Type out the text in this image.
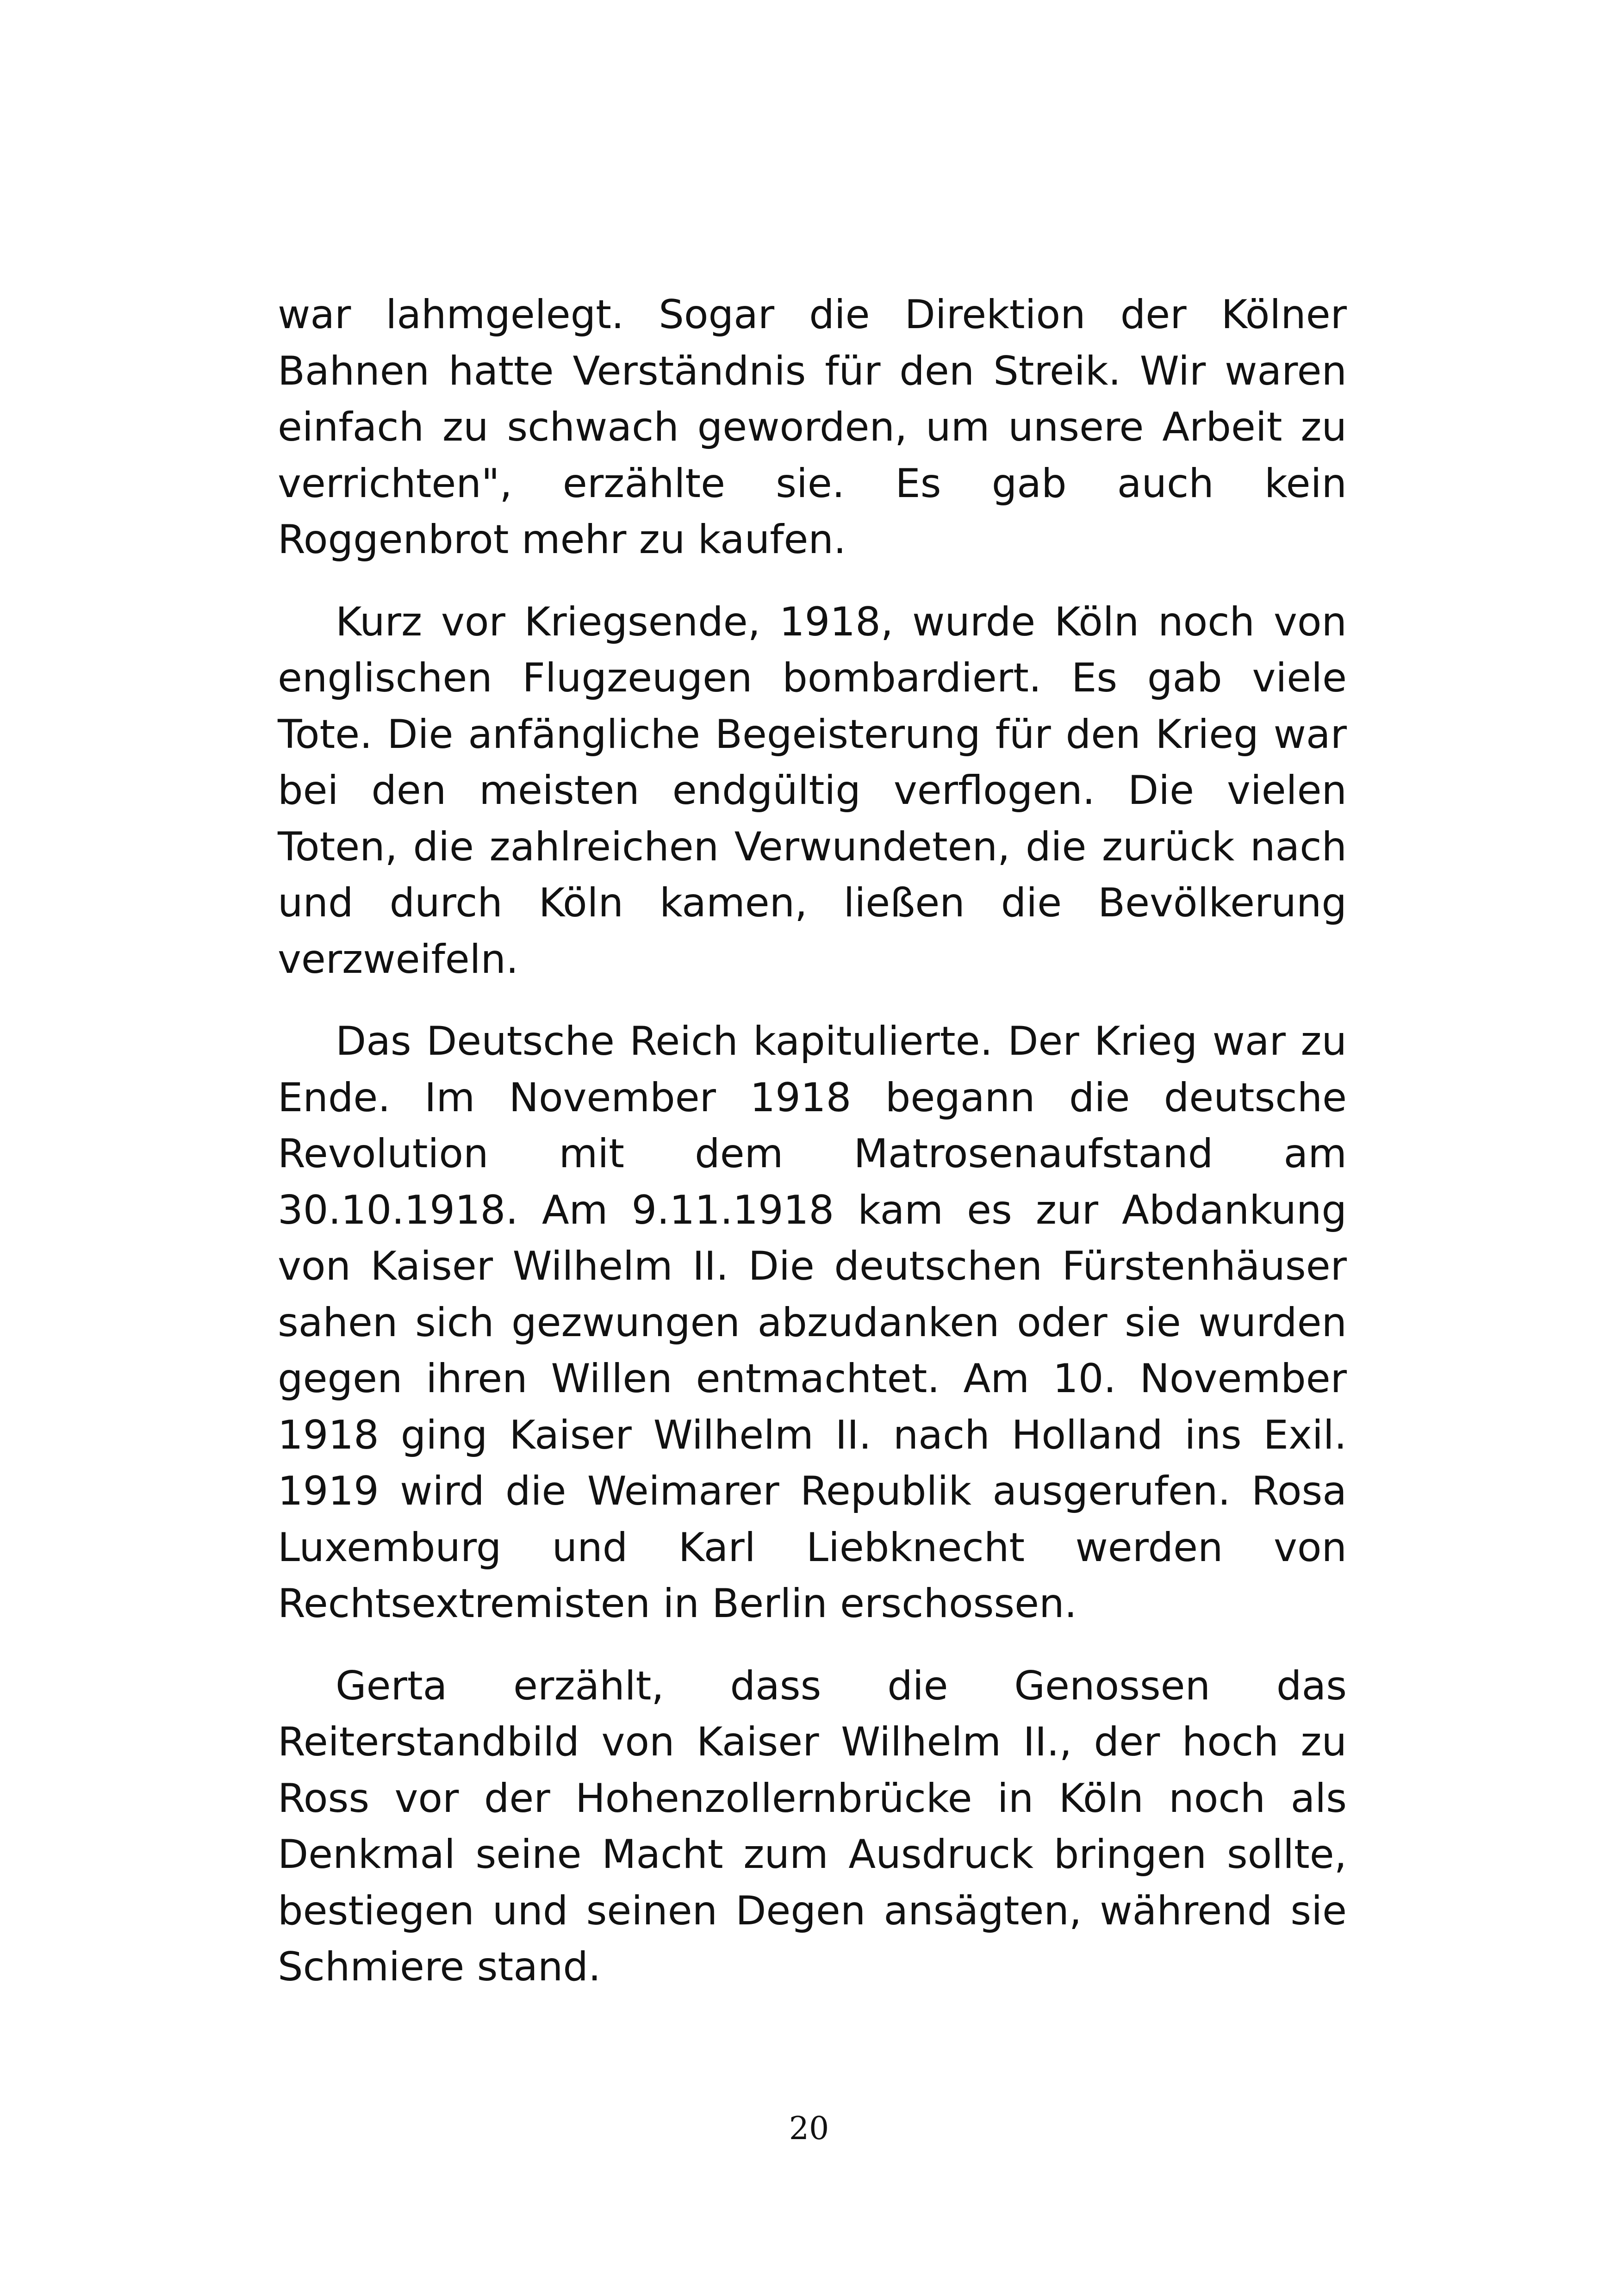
war lahmgelegt. Sogar die Direktion der Kölner Bahnen hatte Verständnis für den Streik. Wir waren einfach zu schwach geworden, um unsere Arbeit zu verrichten", erzählte sie. Es gab auch kein Roggenbrot mehr zu kaufen.

Kurz vor Kriegsende, 1918, wurde Köln noch von englischen Flugzeugen bombardiert. Es gab viele Tote. Die anfängliche Begeisterung für den Krieg war bei den meisten endgültig verflogen. Die vielen Toten, die zahlreichen Verwundeten, die zurück nach und durch Köln kamen, ließen die Bevölkerung verzweifeln.

Das Deutsche Reich kapitulierte. Der Krieg war zu Ende. Im November 1918 begann die deutsche Revolution mit dem Matrosenaufstand am 30.10.1918. Am 9.11.1918 kam es zur Abdankung von Kaiser Wilhelm II. Die deutschen Fürstenhäuser sahen sich gezwungen abzudanken oder sie wurden gegen ihren Willen entmachtet. Am 10. November 1918 ging Kaiser Wilhelm II. nach Holland ins Exil. 1919 wird die Weimarer Republik ausgerufen. Rosa Luxemburg und Karl Liebknecht werden von Rechtsextremisten in Berlin erschossen.

Gerta erzählt, dass die Genossen das Reiterstandbild von Kaiser Wilhelm II., der hoch zu Ross vor der Hohenzollernbrücke in Köln noch als Denkmal seine Macht zum Ausdruck bringen sollte, bestiegen und seinen Degen ansägten, während sie Schmiere stand.

20
